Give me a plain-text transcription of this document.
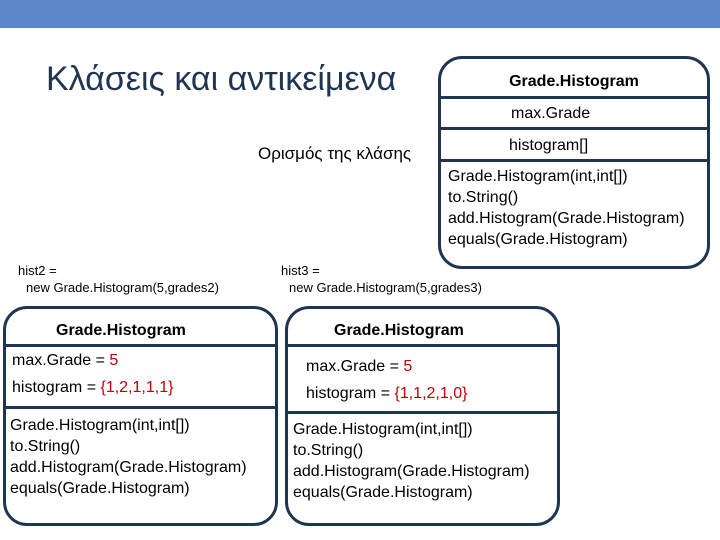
Κλάσεις και αντικείμενα
Ορισμός της κλάσης
Grade.Histogram
max.Grade
histogram[]
Grade.Histogram(int,int[])
to.String()
add.Histogram(Grade.Histogram)
equals(Grade.Histogram)
hist2 =
new Grade.Histogram(5,grades2)
hist3 =
new Grade.Histogram(5,grades3)
Grade.Histogram
max.Grade = 5
histogram = {1,2,1,1,1}
Grade.Histogram(int,int[])
to.String()
add.Histogram(Grade.Histogram)
equals(Grade.Histogram)
Grade.Histogram
max.Grade = 5
histogram = {1,1,2,1,0}
Grade.Histogram(int,int[])
to.String()
add.Histogram(Grade.Histogram)
equals(Grade.Histogram)
